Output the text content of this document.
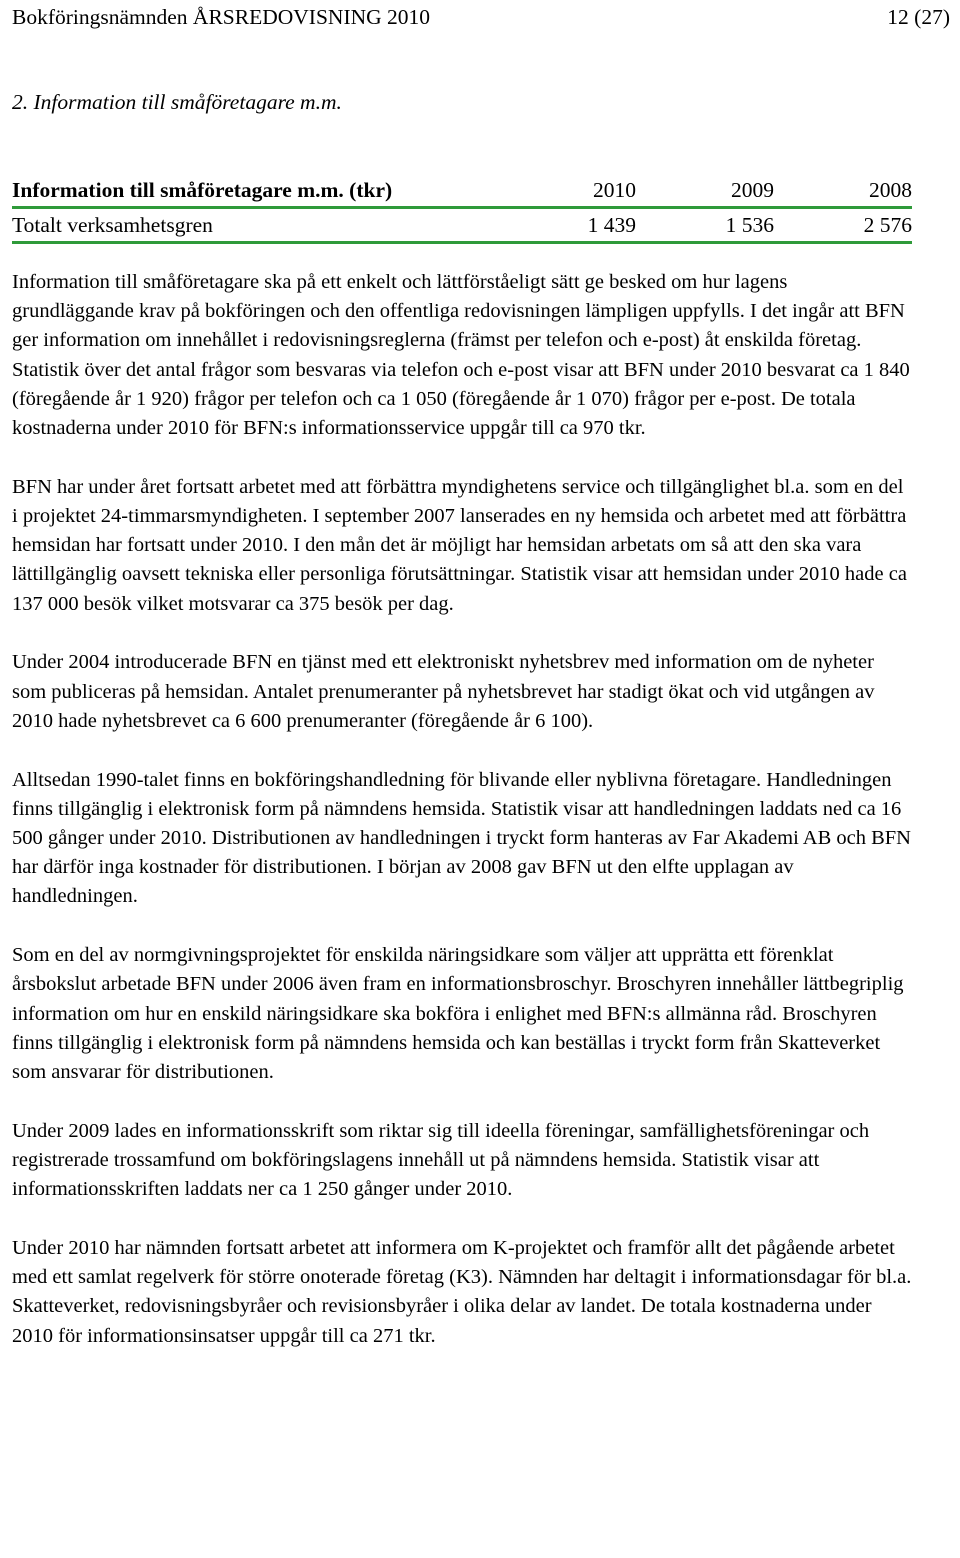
Bokföringsnämnden ÅRSREDOVISNING 2010	12 (27)
2. Information till småföretagare m.m.
Information till småföretagare m.m. (tkr)	2010	2009	2008
Totalt verksamhetsgren	1 439	1 536	2 576

Information till småföretagare ska på ett enkelt och lättförståeligt sätt ge besked om hur lagens grundläggande krav på bokföringen och den offentliga redovisningen lämpligen uppfylls. I det ingår att BFN ger information om innehållet i redovisningsreglerna (främst per telefon och e-post) åt enskilda företag. Statistik över det antal frågor som besvaras via telefon och e-post visar att BFN under 2010 besvarat ca 1 840 (föregående år 1 920) frågor per telefon och ca 1 050 (föregående år 1 070) frågor per e-post. De totala kostnaderna under 2010 för BFN:s informationsservice uppgår till ca 970 tkr.

BFN har under året fortsatt arbetet med att förbättra myndighetens service och tillgänglighet bl.a. som en del i projektet 24-timmarsmyndigheten. I september 2007 lanserades en ny hemsida och arbetet med att förbättra hemsidan har fortsatt under 2010. I den mån det är möjligt har hemsidan arbetats om så att den ska vara lättillgänglig oavsett tekniska eller personliga förutsättningar. Statistik visar att hemsidan under 2010 hade ca 137 000 besök vilket motsvarar ca 375 besök per dag.

Under 2004 introducerade BFN en tjänst med ett elektroniskt nyhetsbrev med information om de nyheter som publiceras på hemsidan. Antalet prenumeranter på nyhetsbrevet har stadigt ökat och vid utgången av 2010 hade nyhetsbrevet ca 6 600 prenumeranter (föregående år 6 100).

Alltsedan 1990-talet finns en bokföringshandledning för blivande eller nyblivna företagare. Handledningen finns tillgänglig i elektronisk form på nämndens hemsida. Statistik visar att handledningen laddats ned ca 16 500 gånger under 2010. Distributionen av handledningen i tryckt form hanteras av Far Akademi AB och BFN har därför inga kostnader för distributionen. I början av 2008 gav BFN ut den elfte upplagan av handledningen.

Som en del av normgivningsprojektet för enskilda näringsidkare som väljer att upprätta ett förenklat årsbokslut arbetade BFN under 2006 även fram en informationsbroschyr. Broschyren innehåller lättbegriplig information om hur en enskild näringsidkare ska bokföra i enlighet med BFN:s allmänna råd. Broschyren finns tillgänglig i elektronisk form på nämndens hemsida och kan beställas i tryckt form från Skatteverket som ansvarar för distributionen.

Under 2009 lades en informationsskrift som riktar sig till ideella föreningar, samfällighetsföreningar och registrerade trossamfund om bokföringslagens innehåll ut på nämndens hemsida. Statistik visar att informationsskriften laddats ner ca 1 250 gånger under 2010.

Under 2010 har nämnden fortsatt arbetet att informera om K-projektet och framför allt det pågående arbetet med ett samlat regelverk för större onoterade företag (K3). Nämnden har deltagit i informationsdagar för bl.a. Skatteverket, redovisningsbyråer och revisionsbyråer i olika delar av landet. De totala kostnaderna under 2010 för informationsinsatser uppgår till ca 271 tkr.
